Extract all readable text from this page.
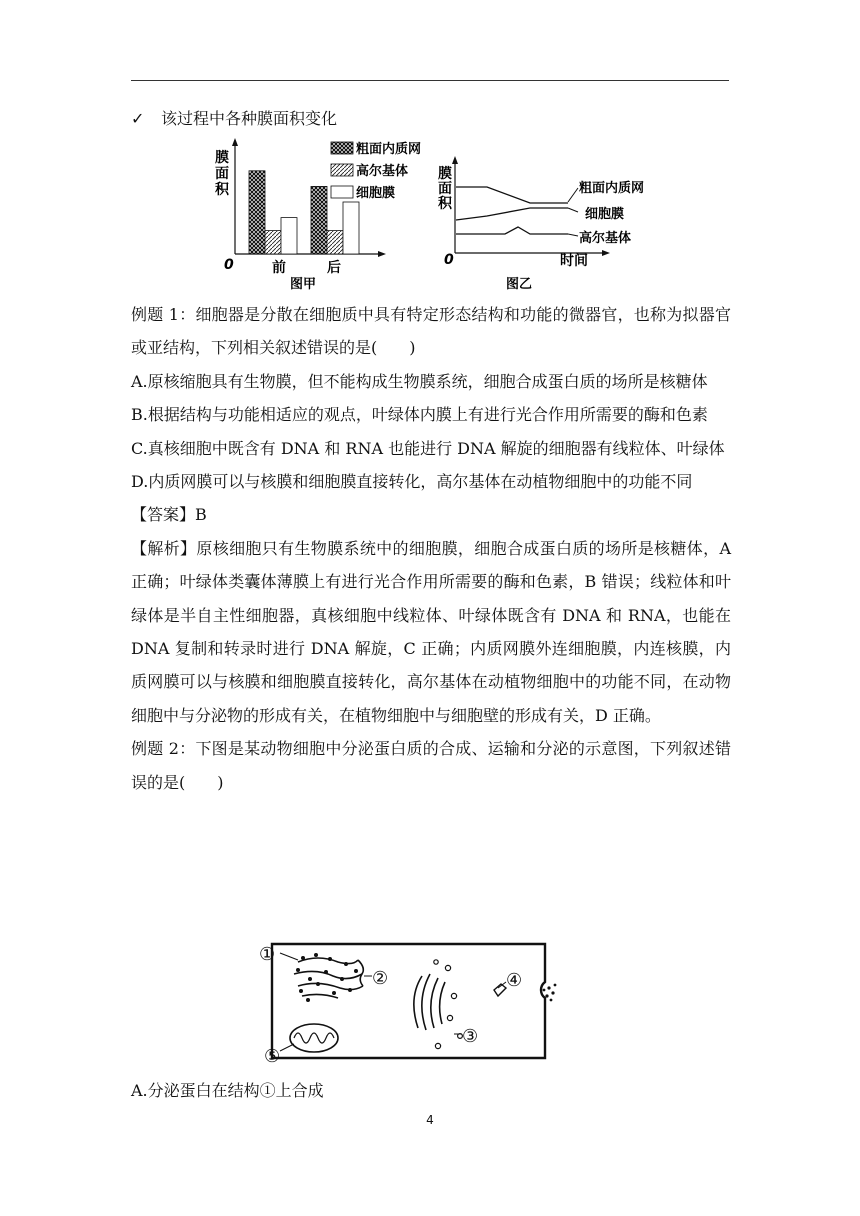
✓ 该过程中各种膜面积变化
膜
面
积
0	前	后
图甲
粗面内质网
高尔基体
细胞膜
膜
面
积
0
粗面内质网
细胞膜
高尔基体
时间
图乙

例题 1：细胞器是分散在细胞质中具有特定形态结构和功能的微器官，也称为拟器官或亚结构，下列相关叙述错误的是(　　)

A.原核缩胞具有生物膜，但不能构成生物膜系统，细胞合成蛋白质的场所是核糖体

B.根据结构与功能相适应的观点，叶绿体内膜上有进行光合作用所需要的酶和色素

C.真核细胞中既含有 DNA 和 RNA 也能进行 DNA 解旋的细胞器有线粒体、叶绿体

D.内质网膜可以与核膜和细胞膜直接转化，高尔基体在动植物细胞中的功能不同

【答案】B

【解析】原核细胞只有生物膜系统中的细胞膜，细胞合成蛋白质的场所是核糖体，A 正确；叶绿体类囊体薄膜上有进行光合作用所需要的酶和色素，B 错误；线粒体和叶绿体是半自主性细胞器，真核细胞中线粒体、叶绿体既含有 DNA 和 RNA，也能在 DNA 复制和转录时进行 DNA 解旋，C 正确；内质网膜外连细胞膜，内连核膜，内质网膜可以与核膜和细胞膜直接转化，高尔基体在动植物细胞中的功能不同，在动物细胞中与分泌物的形成有关，在植物细胞中与细胞壁的形成有关，D 正确。

例题 2：下图是某动物细胞中分泌蛋白质的合成、运输和分泌的示意图，下列叙述错误的是(　　)

①
②
③
④
⑤

A.分泌蛋白在结构①上合成

4
